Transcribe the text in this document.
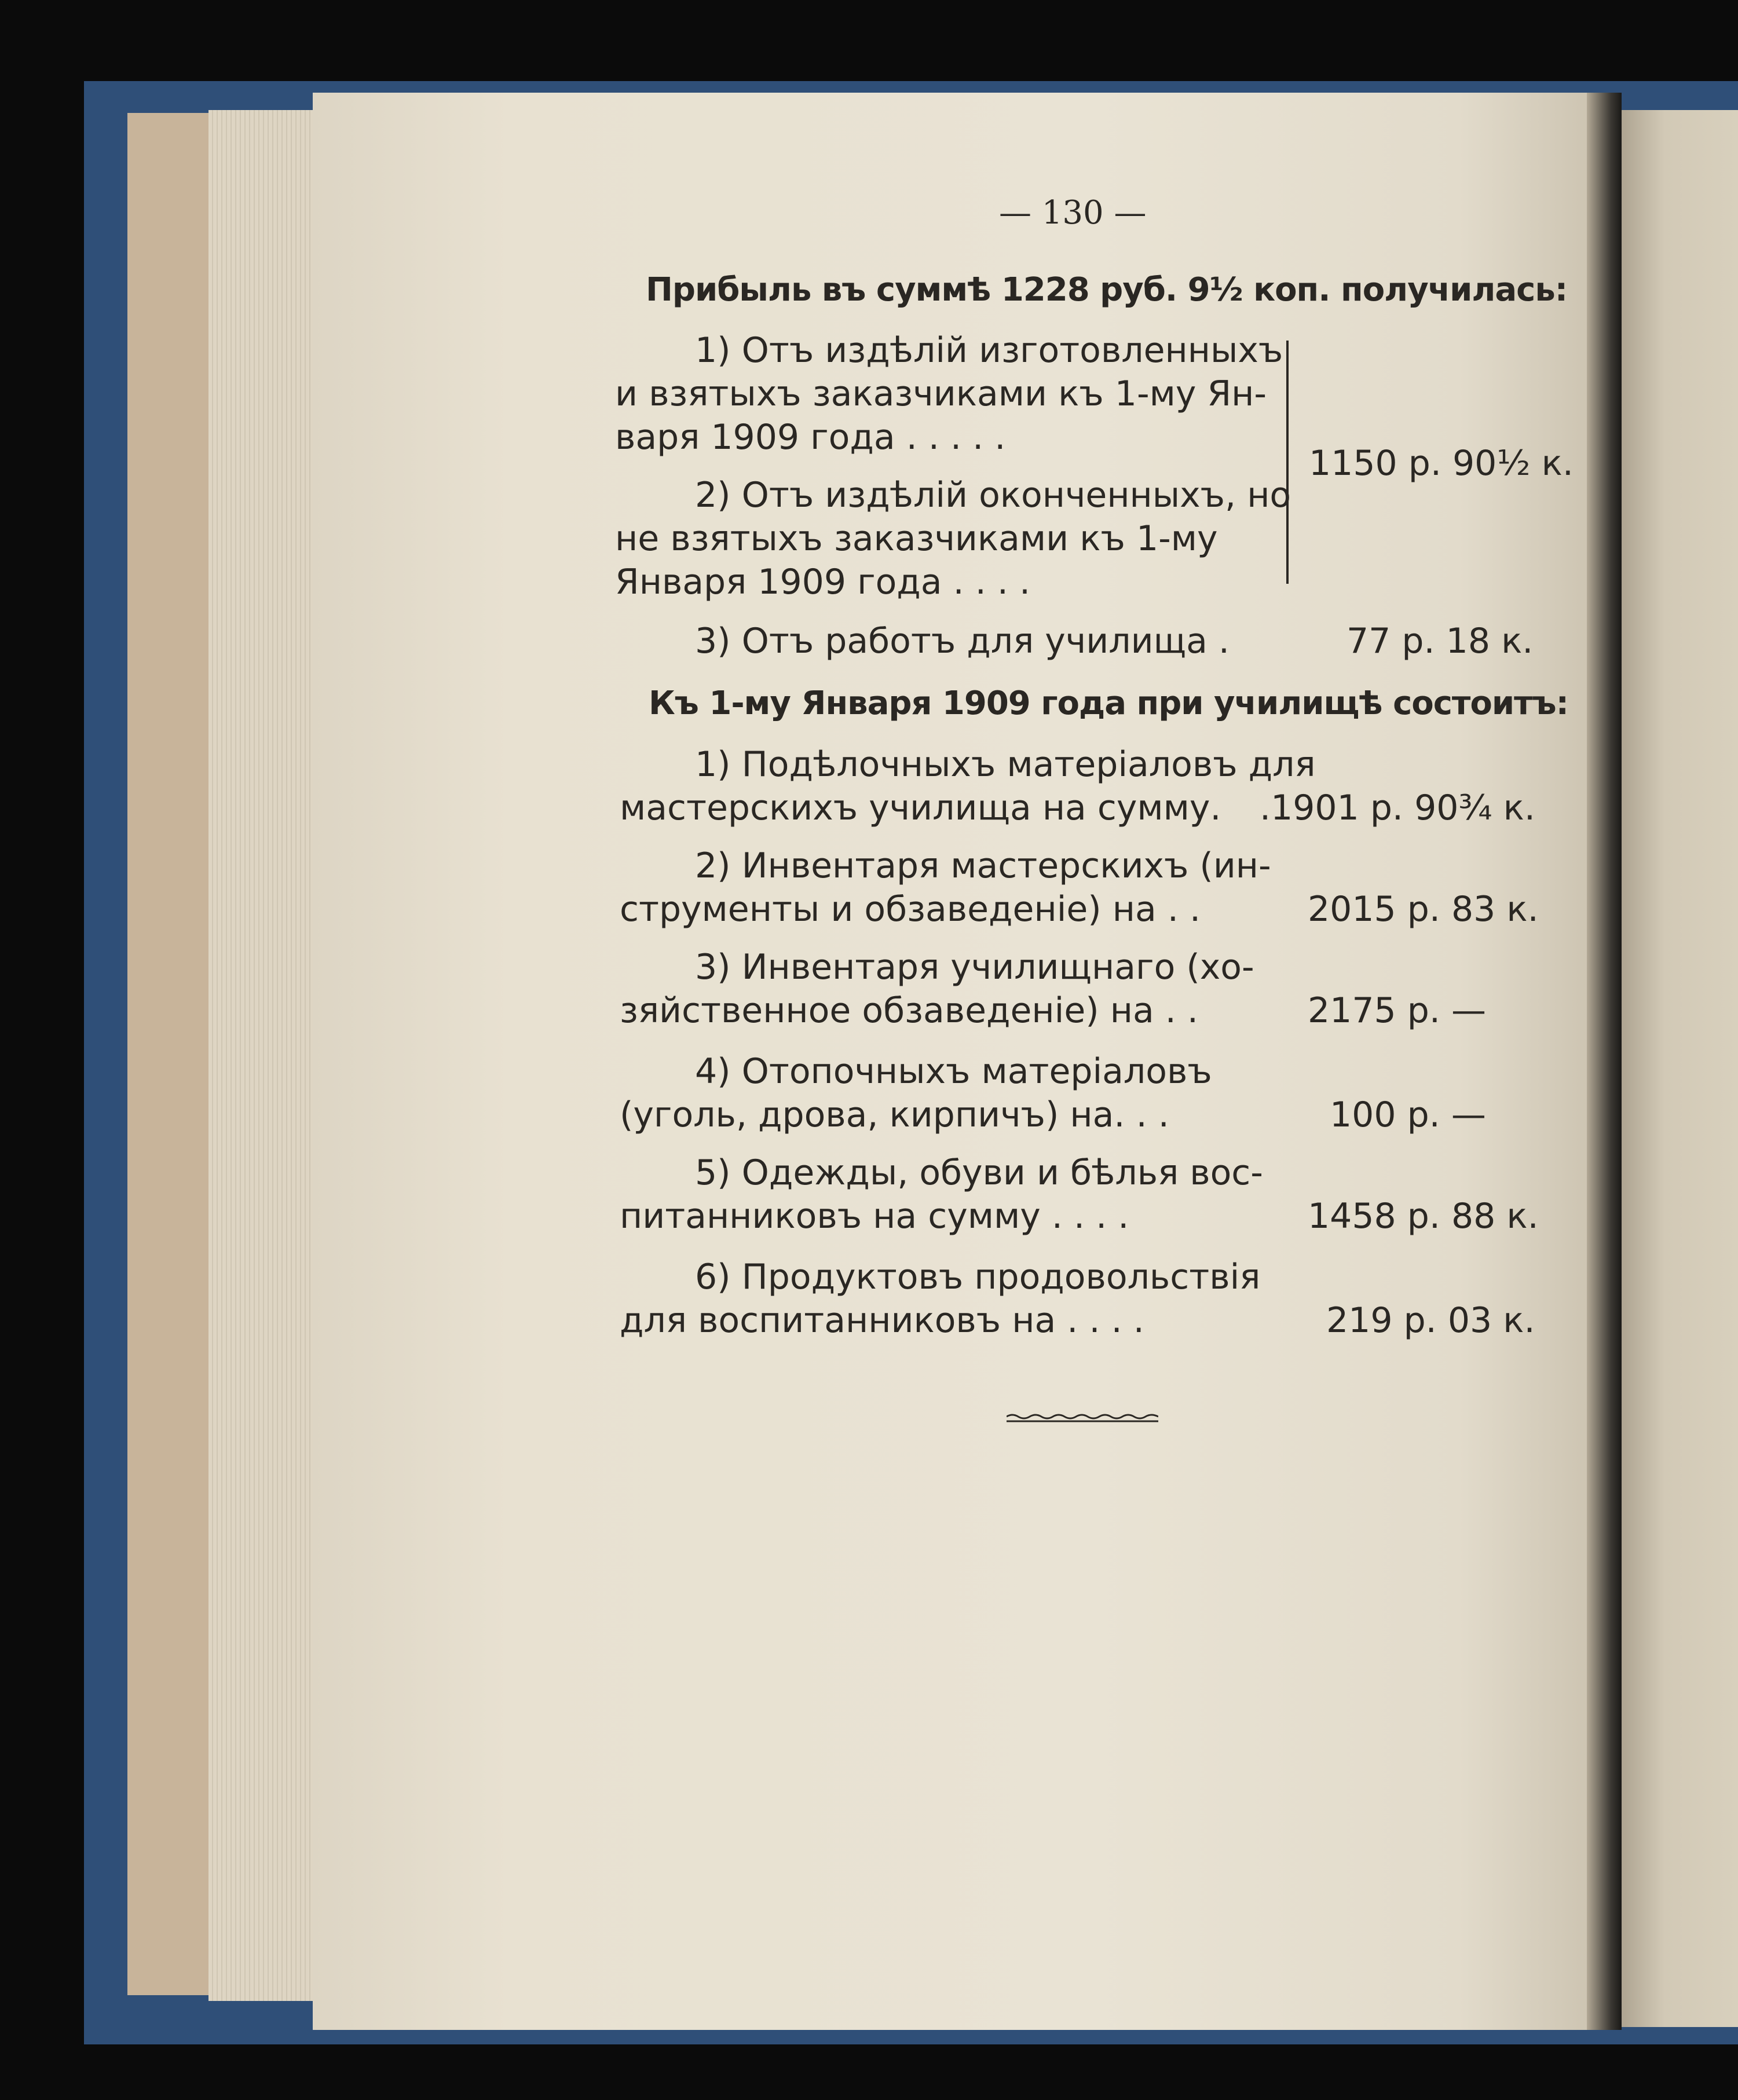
— 130 —
Прибыль въ суммѣ 1228 руб. 9½ коп. получилась:
1) Отъ издѣлій изготовленныхъ
и взятыхъ заказчиками къ 1-му Ян-
варя 1909 года . . . . .
2) Отъ издѣлій оконченныхъ, но
не взятыхъ заказчиками къ 1-му
Января 1909 года . . . .
1150 р. 90½ к.
3) Отъ работъ для училища .	77 р. 18 к.
Къ 1-му Января 1909 года при училищѣ состоитъ:
1) Подѣлочныхъ матеріаловъ для
мастерскихъ училища на сумму. .1901 р. 90¾ к.
2) Инвентаря мастерскихъ (ин-
струменты и обзаведеніе) на . .	2015 р. 83 к.
3) Инвентаря училищнаго (хо-
зяйственное обзаведеніе) на . .	2175 р. —
4) Отопочныхъ матеріаловъ
(уголь, дрова, кирпичъ) на. . .	100 р. —
5) Одежды, обуви и бѣлья вос-
питанниковъ на сумму . . . .	1458 р. 88 к.
6) Продуктовъ продовольствія
для воспитанниковъ на . . . .	219 р. 03 к.
